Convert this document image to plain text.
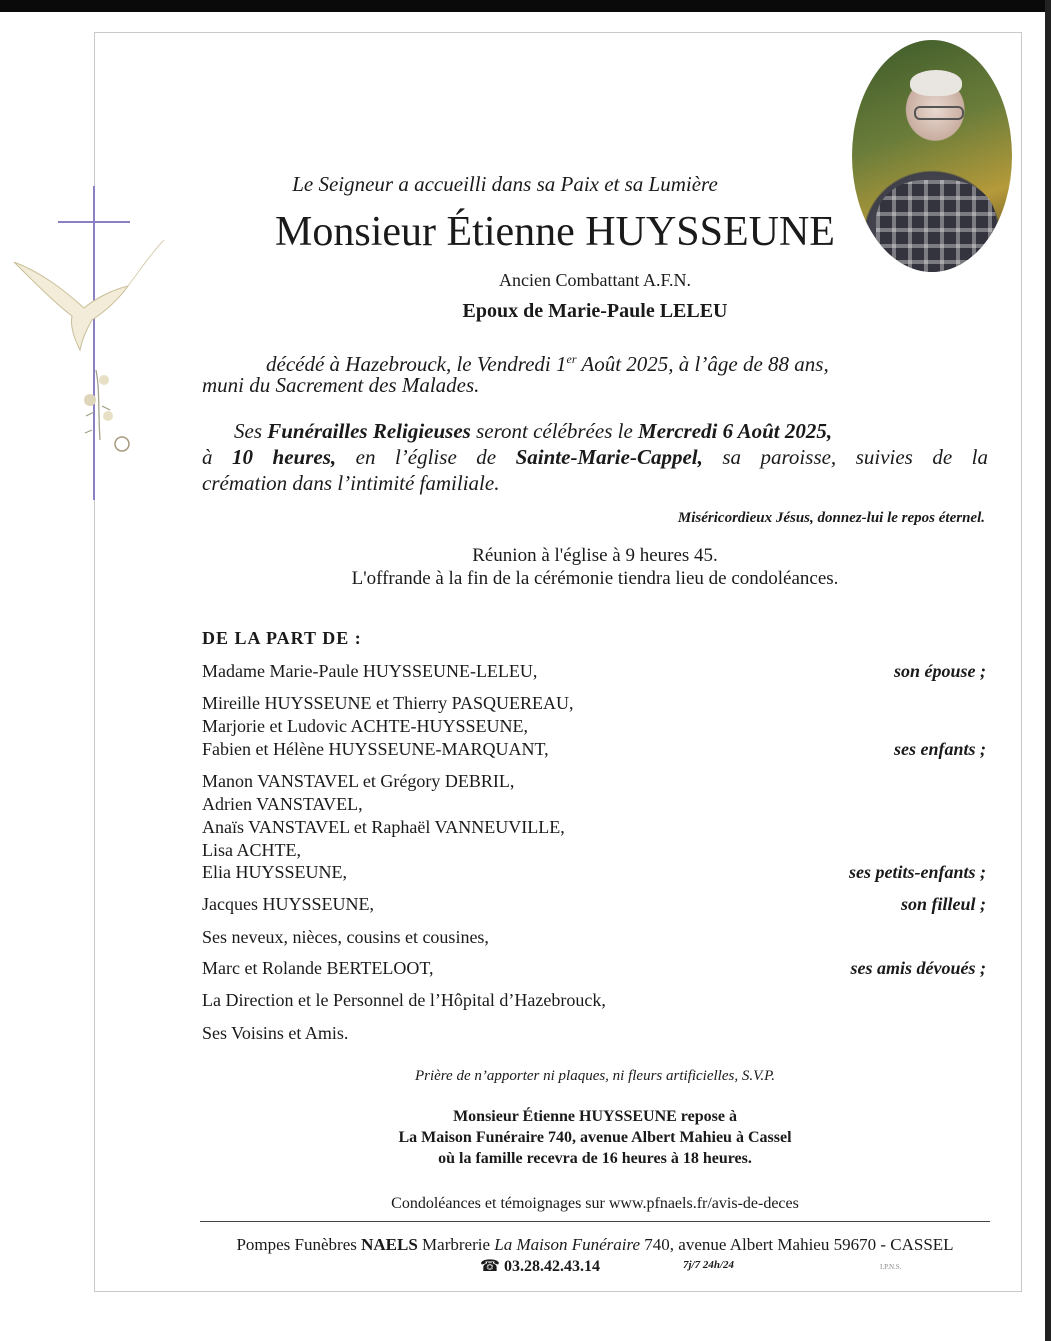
Le Seigneur a accueilli dans sa Paix et sa Lumière
Monsieur Étienne HUYSSEUNE
Ancien Combattant A.F.N.
Epoux de Marie-Paule LELEU
décédé à Hazebrouck, le Vendredi 1er Août 2025, à l’âge de 88 ans,
muni du Sacrement des Malades.
Ses Funérailles Religieuses seront célébrées le Mercredi 6 Août 2025,
à 10 heures, en l’église de Sainte-Marie-Cappel, sa paroisse, suivies de la
crémation dans l’intimité familiale.
Miséricordieux Jésus, donnez-lui le repos éternel.
Réunion à l'église à 9 heures 45.
L'offrande à la fin de la cérémonie tiendra lieu de condoléances.
DE LA PART DE :
Madame Marie-Paule HUYSSEUNE-LELEU,	son épouse ;
Mireille HUYSSEUNE et Thierry PASQUEREAU,
Marjorie et Ludovic ACHTE-HUYSSEUNE,
Fabien et Hélène HUYSSEUNE-MARQUANT,	ses enfants ;
Manon VANSTAVEL et Grégory DEBRIL,
Adrien VANSTAVEL,
Anaïs VANSTAVEL et Raphaël VANNEUVILLE,
Lisa ACHTE,
Elia HUYSSEUNE,	ses petits-enfants ;
Jacques HUYSSEUNE,	son filleul ;
Ses neveux, nièces, cousins et cousines,
Marc et Rolande BERTELOOT,	ses amis dévoués ;
La Direction et le Personnel de l’Hôpital d’Hazebrouck,
Ses Voisins et Amis.
Prière de n’apporter ni plaques, ni fleurs artificielles, S.V.P.
Monsieur Étienne HUYSSEUNE repose à
La Maison Funéraire 740, avenue Albert Mahieu à Cassel
où la famille recevra de 16 heures à 18 heures.
Condoléances et témoignages sur www.pfnaels.fr/avis-de-deces
Pompes Funèbres NAELS Marbrerie La Maison Funéraire 740, avenue Albert Mahieu 59670 - CASSEL
☎ 03.28.42.43.14	7j/7 24h/24	I.P.N.S.
